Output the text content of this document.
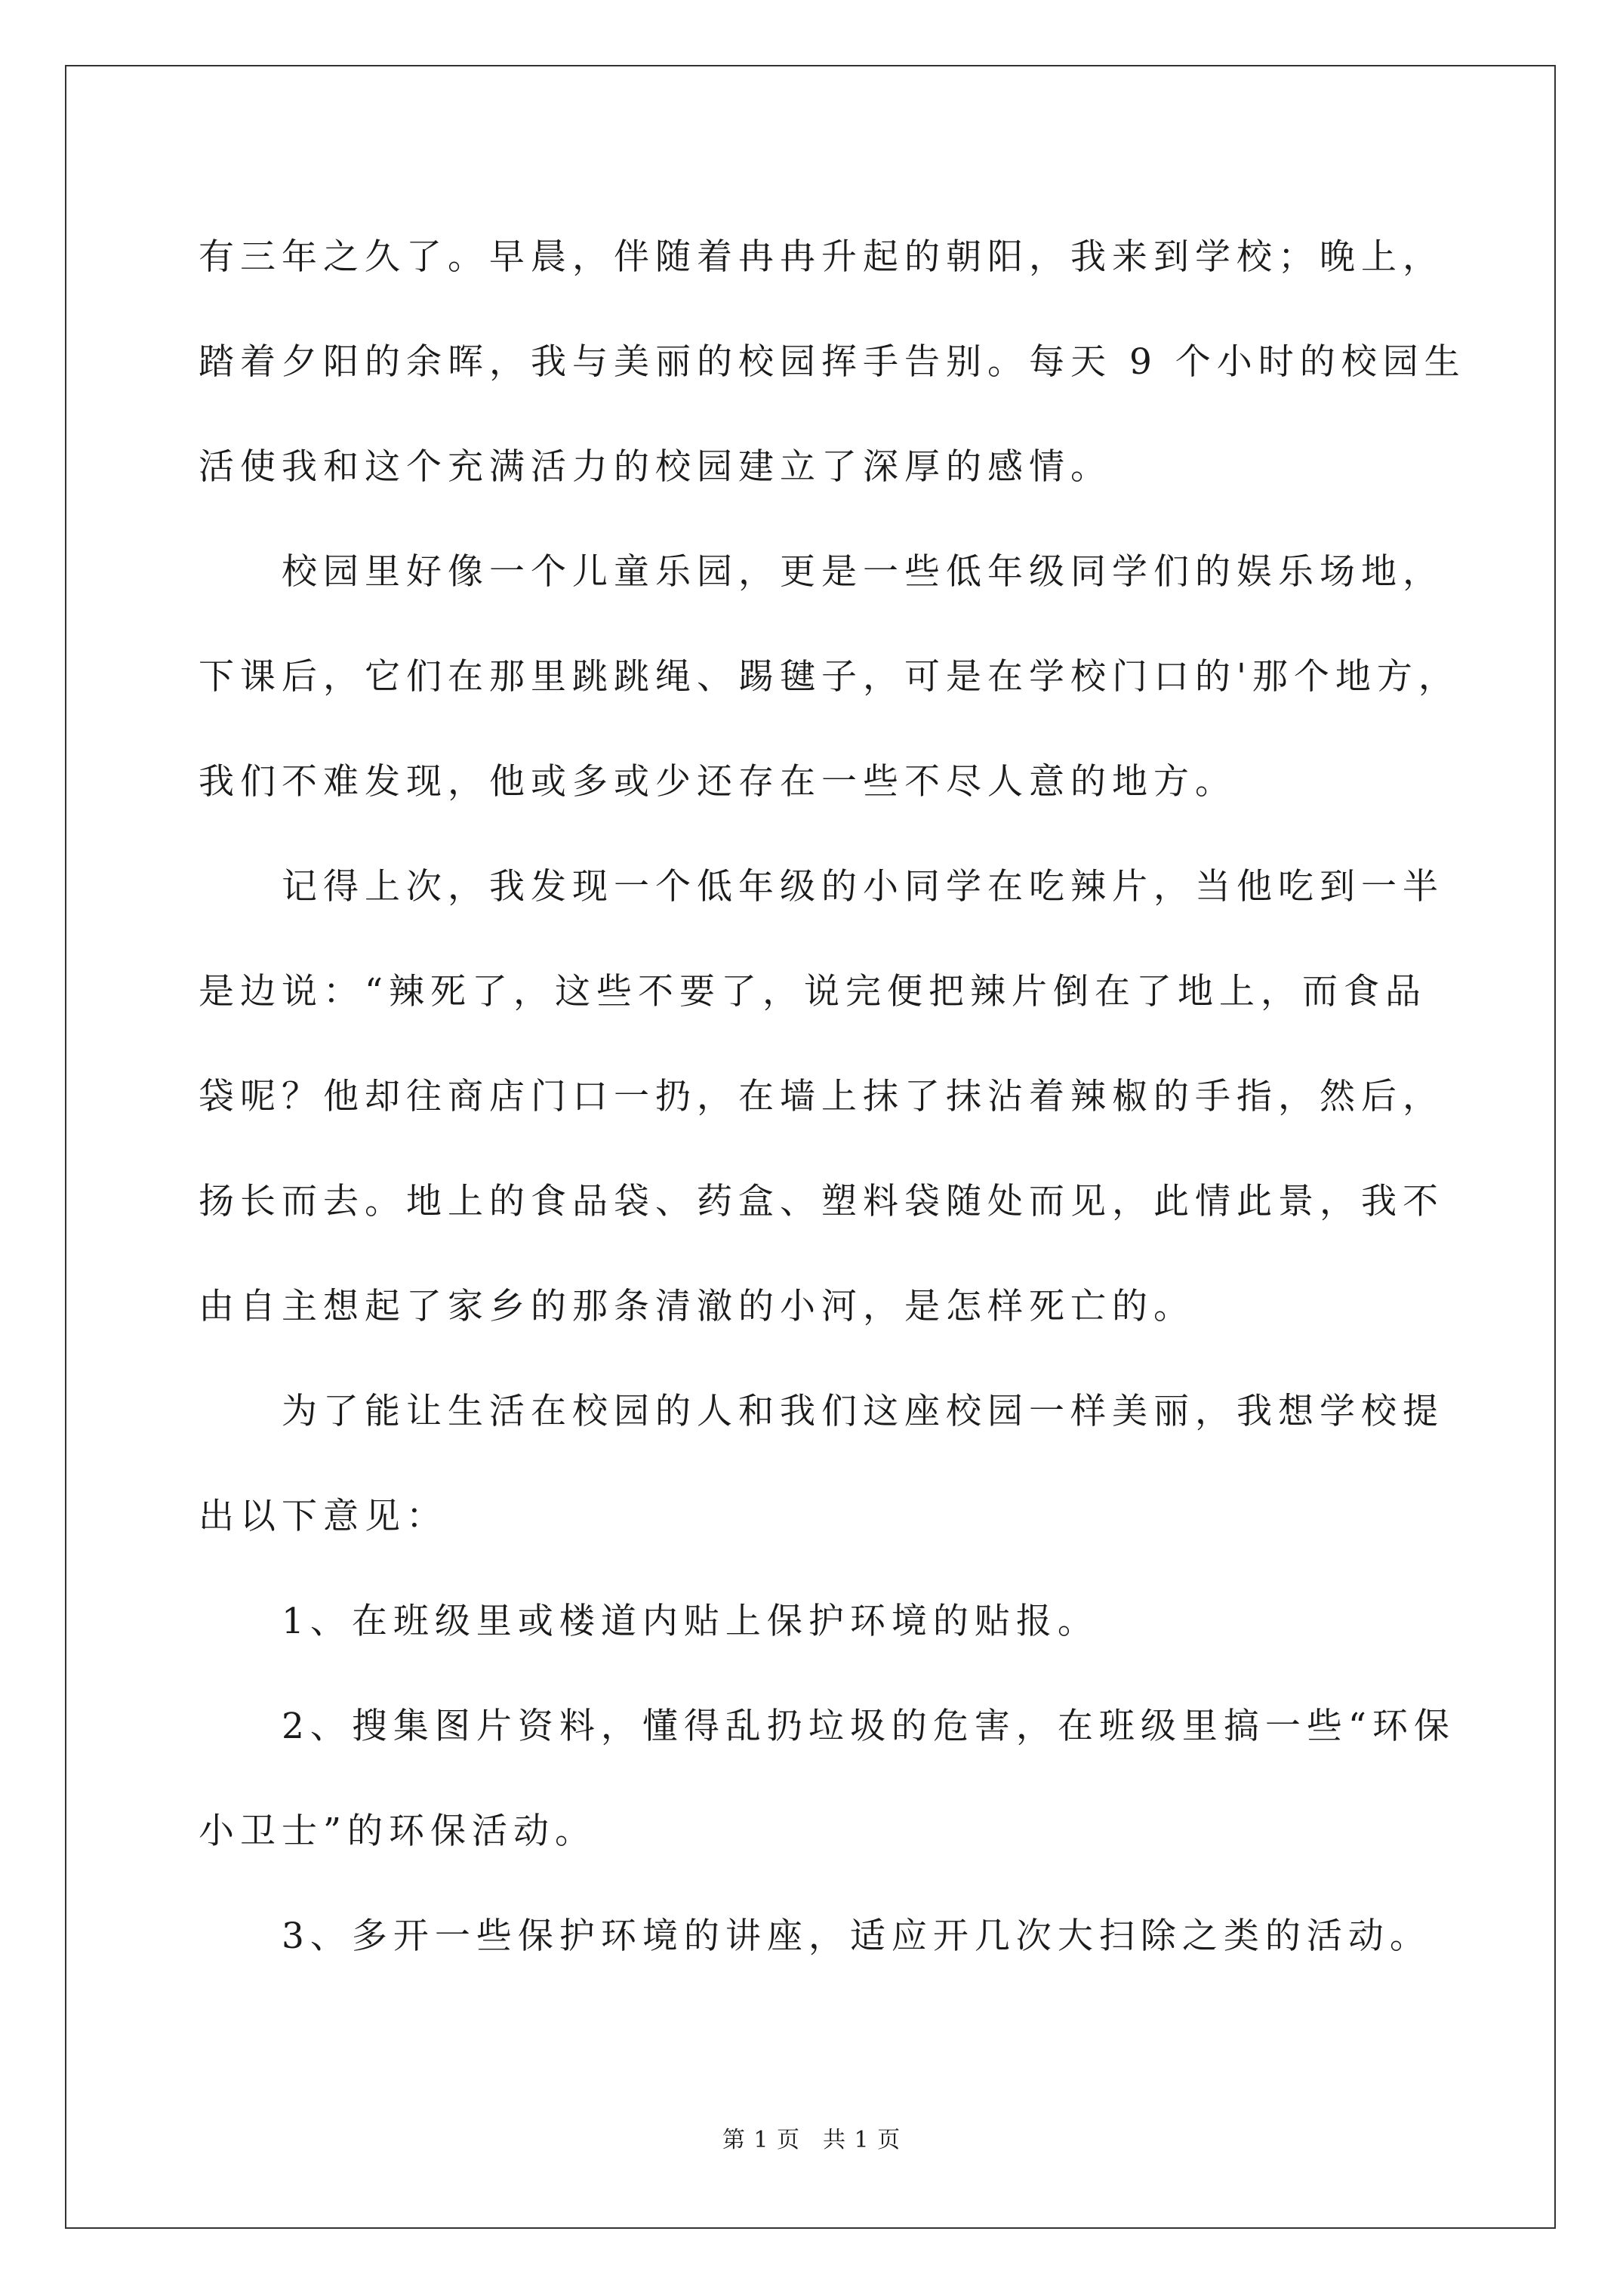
有三年之久了。早晨，伴随着冉冉升起的朝阳，我来到学校；晚上，
踏着夕阳的余晖，我与美丽的校园挥手告别。每天 9 个小时的校园生
活使我和这个充满活力的校园建立了深厚的感情。
校园里好像一个儿童乐园，更是一些低年级同学们的娱乐场地，
下课后，它们在那里跳跳绳、踢毽子，可是在学校门口的'那个地方，
我们不难发现，他或多或少还存在一些不尽人意的地方。
记得上次，我发现一个低年级的小同学在吃辣片，当他吃到一半
是边说：“辣死了，这些不要了，说完便把辣片倒在了地上，而食品
袋呢？他却往商店门口一扔，在墙上抹了抹沾着辣椒的手指，然后，
扬长而去。地上的食品袋、药盒、塑料袋随处而见，此情此景，我不
由自主想起了家乡的那条清澈的小河，是怎样死亡的。
为了能让生活在校园的人和我们这座校园一样美丽，我想学校提
出以下意见：
1、在班级里或楼道内贴上保护环境的贴报。
2、搜集图片资料，懂得乱扔垃圾的危害，在班级里搞一些“环保
小卫士”的环保活动。
3、多开一些保护环境的讲座，适应开几次大扫除之类的活动。
第 1 页 共 1 页
